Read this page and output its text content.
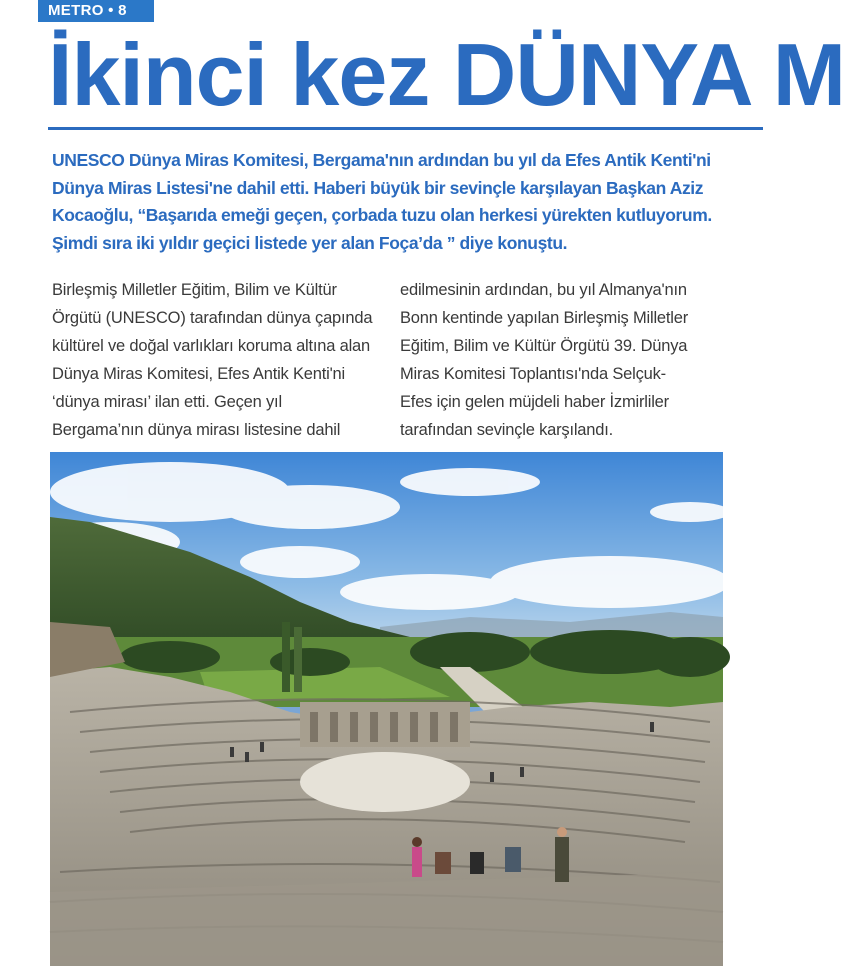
METRO • 8
İkinci kez DÜNYA M
UNESCO Dünya Miras Komitesi, Bergama'nın ardından bu yıl da Efes Antik Kenti'ni
Dünya Miras Listesi'ne dahil etti. Haberi büyük bir sevinçle karşılayan Başkan Aziz
Kocaoğlu, “Başarıda emeği geçen, çorbada tuzu olan herkesi yürekten kutluyorum.
Şimdi sıra iki yıldır geçici listede yer alan Foça’da ” diye konuştu.
Birleşmiş Milletler Eğitim, Bilim ve Kültür
Örgütü (UNESCO) tarafından dünya çapında
kültürel ve doğal varlıkları koruma altına alan
Dünya Miras Komitesi, Efes Antik Kenti'ni
‘dünya mirası’ ilan etti. Geçen yıl
Bergama’nın dünya mirası listesine dahil
edilmesinin ardından, bu yıl Almanya'nın
Bonn kentinde yapılan Birleşmiş Milletler
Eğitim, Bilim ve Kültür Örgütü 39. Dünya
Miras Komitesi Toplantısı'nda Selçuk-
Efes için gelen müjdeli haber İzmirliler
tarafından sevinçle karşılandı.
